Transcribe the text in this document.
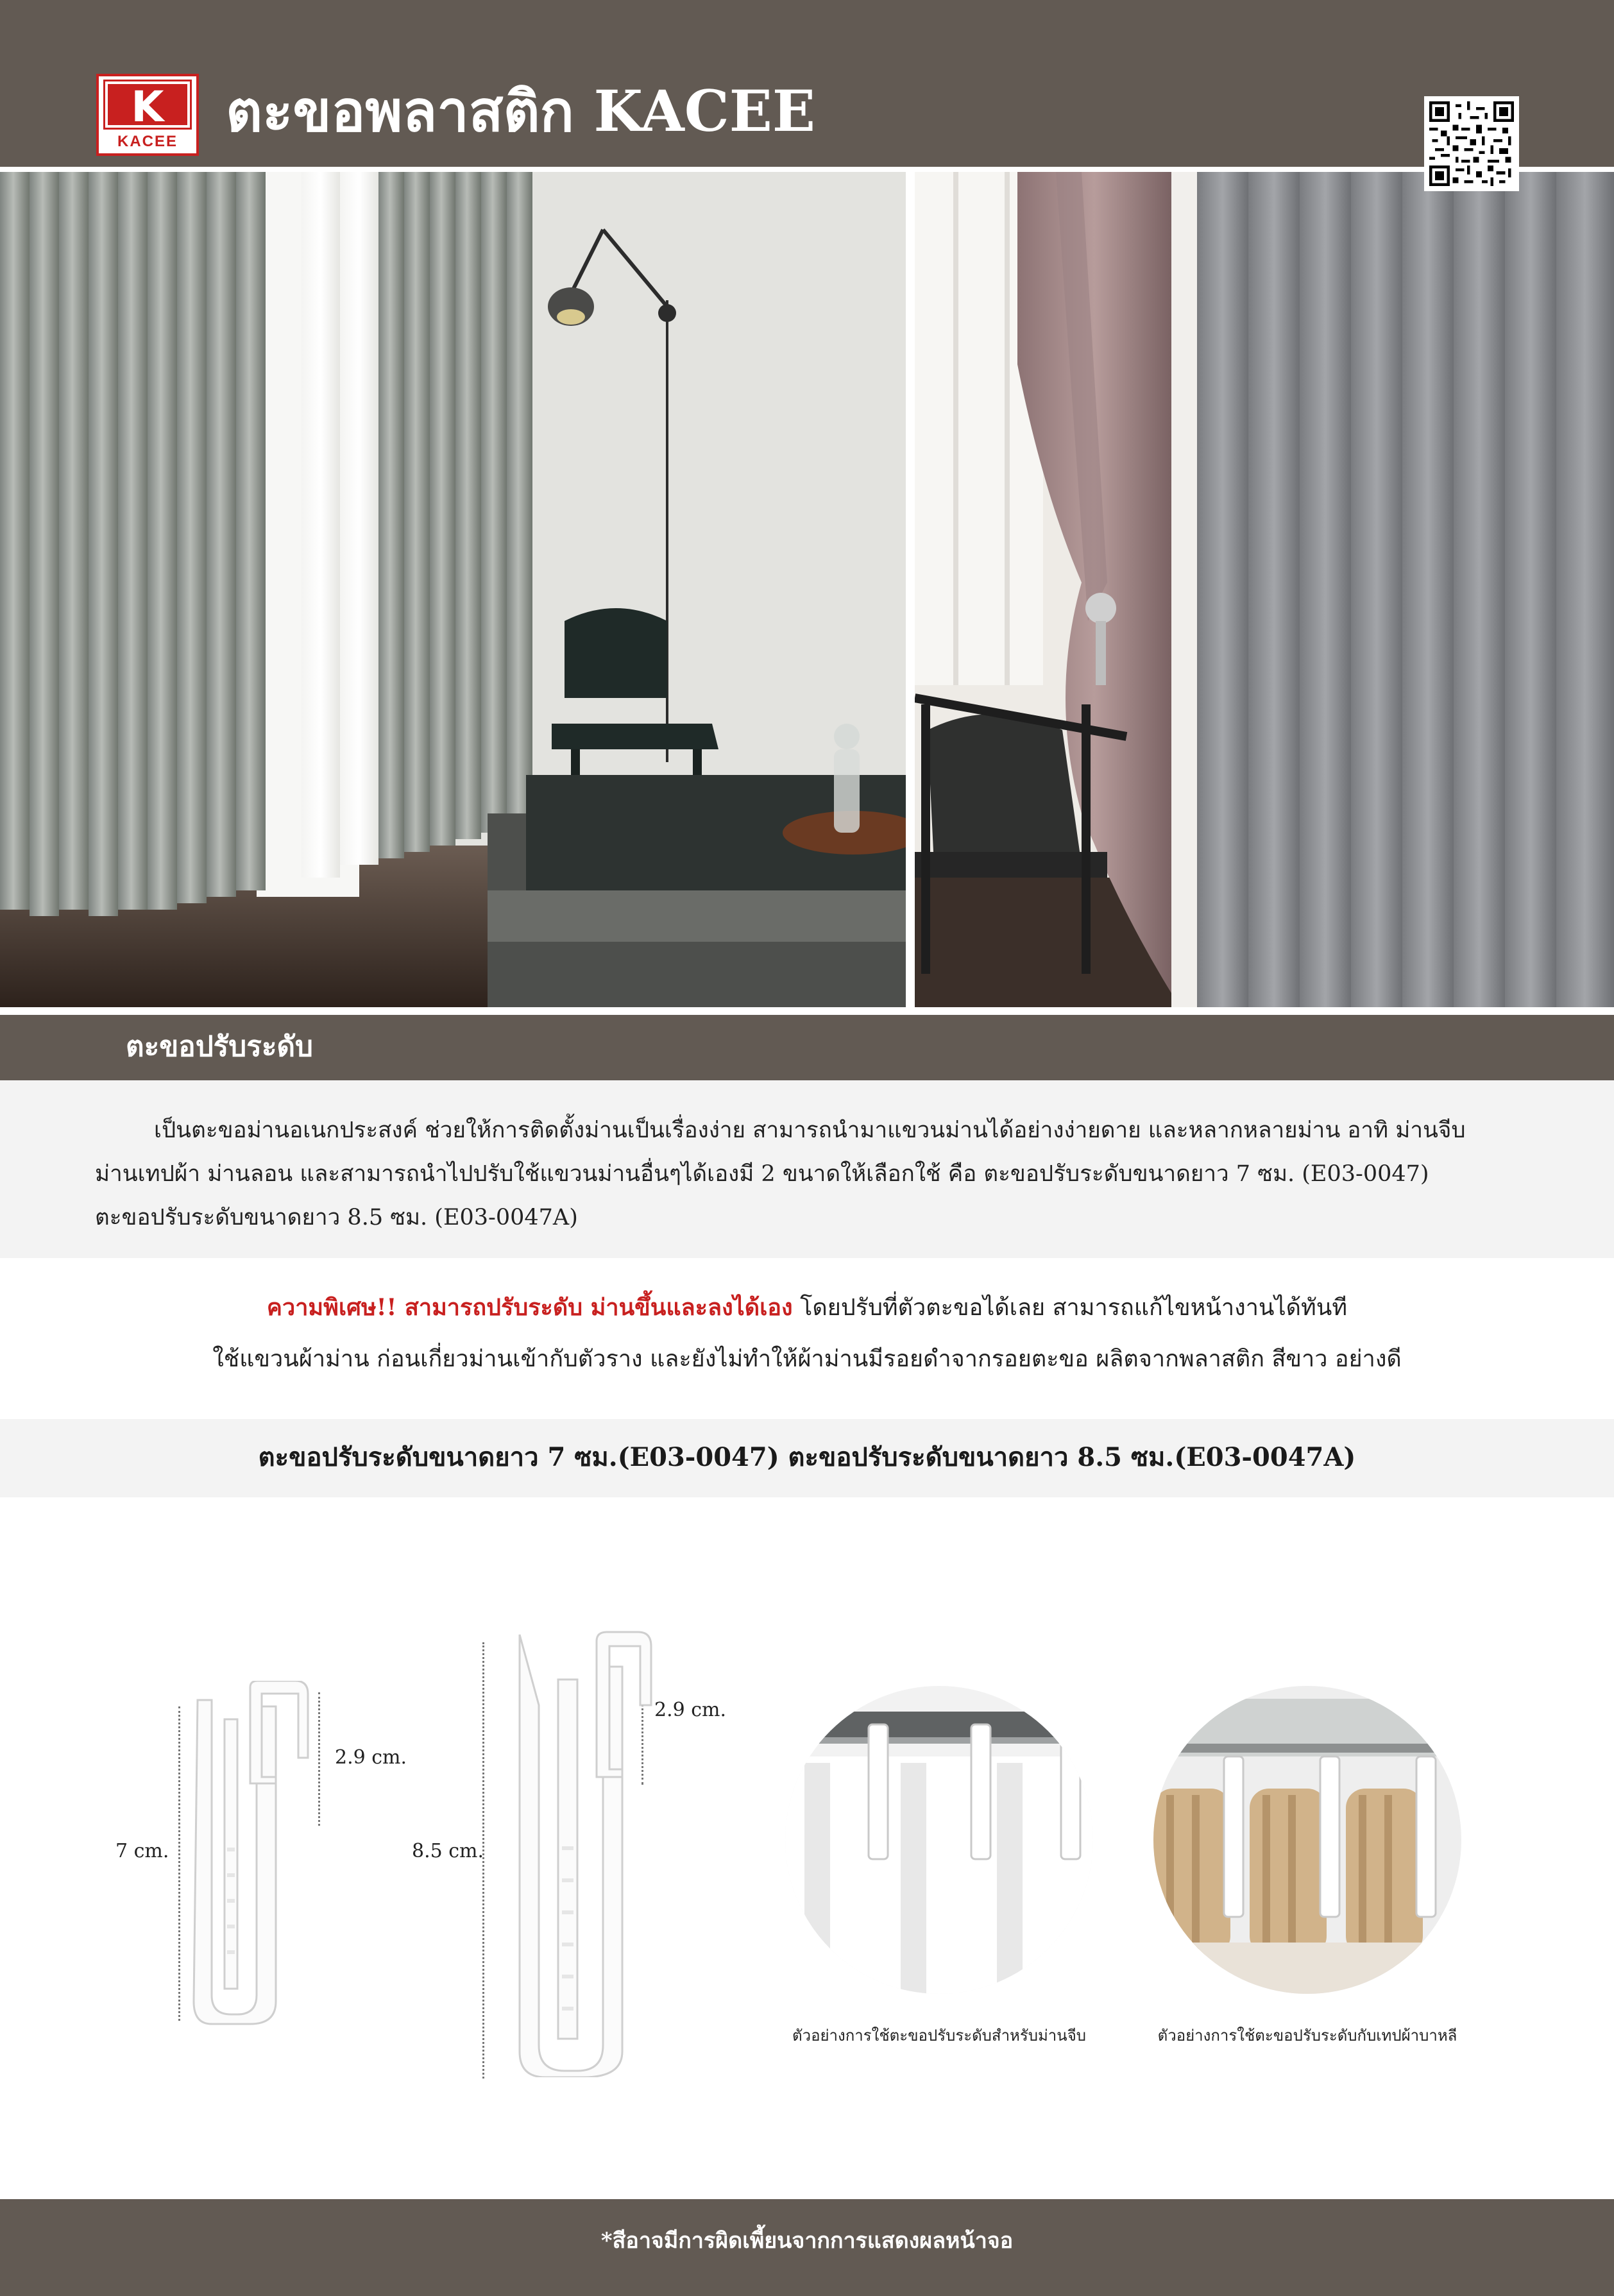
K
KACEE ตะขอพลาสติก KACEE
ตะขอปรับระดับ
เป็นตะขอม่านอเนกประสงค์ ช่วยให้การติดตั้งม่านเป็นเรื่องง่าย สามารถนำมาแขวนม่านได้อย่างง่ายดาย และหลากหลายม่าน อาทิ ม่านจีบ
ม่านเทปผ้า ม่านลอน และสามารถนำไปปรับใช้แขวนม่านอื่นๆได้เองมี 2 ขนาดให้เลือกใช้ คือ ตะขอปรับระดับขนาดยาว 7 ซม. (E03-0047)
ตะขอปรับระดับขนาดยาว 8.5 ซม. (E03-0047A)
ความพิเศษ!! สามารถปรับระดับ ม่านขึ้นและลงได้เอง โดยปรับที่ตัวตะขอได้เลย สามารถแก้ไขหน้างานได้ทันที
ใช้แขวนผ้าม่าน ก่อนเกี่ยวม่านเข้ากับตัวราง และยังไม่ทำให้ผ้าม่านมีรอยดำจากรอยตะขอ ผลิตจากพลาสติก สีขาว อย่างดี
ตะขอปรับระดับขนาดยาว 7 ซม.(E03-0047) ตะขอปรับระดับขนาดยาว 8.5 ซม.(E03-0047A)
7 cm.
2.9 cm.
8.5 cm.
2.9 cm.
ตัวอย่างการใช้ตะขอปรับระดับสำหรับม่านจีบ	ตัวอย่างการใช้ตะขอปรับระดับกับเทปผ้าบาหลี
*สีอาจมีการผิดเพี้ยนจากการแสดงผลหน้าจอ
